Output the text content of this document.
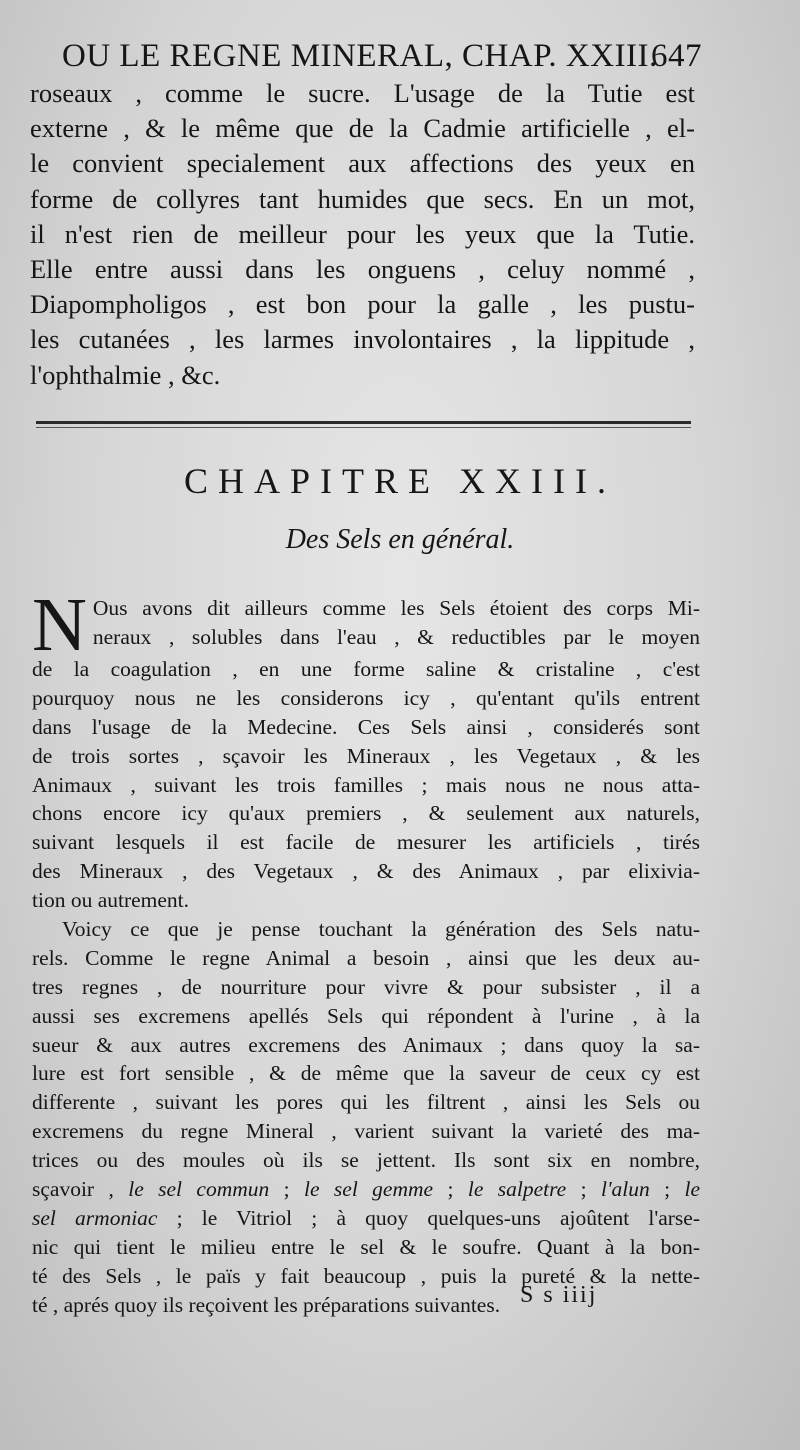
OU LE REGNE MINERAL, CHAP. XXIII.
647
roseaux , comme le sucre. L'usage de la Tutie est
externe , & le même que de la Cadmie artificielle , el-
le convient specialement aux affections des yeux en
forme de collyres tant humides que secs. En un mot,
il n'est rien de meilleur pour les yeux que la Tutie.
Elle entre aussi dans les onguens , celuy nommé ,
Diapompholigos , est bon pour la galle , les pustu-
les cutanées , les larmes involontaires , la lippitude ,
l'ophthalmie , &c.
CHAPITRE XXIII.
Des Sels en général.
N Ous avons dit ailleurs comme les Sels étoient des corps Mi-
neraux , solubles dans l'eau , & reductibles par le moyen
de la coagulation , en une forme saline & cristaline , c'est
pourquoy nous ne les considerons icy , qu'entant qu'ils entrent
dans l'usage de la Medecine. Ces Sels ainsi , considerés sont
de trois sortes , sçavoir les Mineraux , les Vegetaux , & les
Animaux , suivant les trois familles ; mais nous ne nous atta-
chons encore icy qu'aux premiers , & seulement aux naturels,
suivant lesquels il est facile de mesurer les artificiels , tirés
des Mineraux , des Vegetaux , & des Animaux , par elixivia-
tion ou autrement.
Voicy ce que je pense touchant la génération des Sels natu-
rels. Comme le regne Animal a besoin , ainsi que les deux au-
tres regnes , de nourriture pour vivre & pour subsister , il a
aussi ses excremens apellés Sels qui répondent à l'urine , à la
sueur & aux autres excremens des Animaux ; dans quoy la sa-
lure est fort sensible , & de même que la saveur de ceux cy est
differente , suivant les pores qui les filtrent , ainsi les Sels ou
excremens du regne Mineral , varient suivant la varieté des ma-
trices ou des moules où ils se jettent. Ils sont six en nombre,
sçavoir , le sel commun ; le sel gemme ; le salpetre ; l'alun ; le
sel armoniac ; le Vitriol ; à quoy quelques-uns ajoûtent l'arse-
nic qui tient le milieu entre le sel & le soufre. Quant à la bon-
té des Sels , le païs y fait beaucoup , puis la pureté & la nette-
té , aprés quoy ils reçoivent les préparations suivantes. S s iiij
